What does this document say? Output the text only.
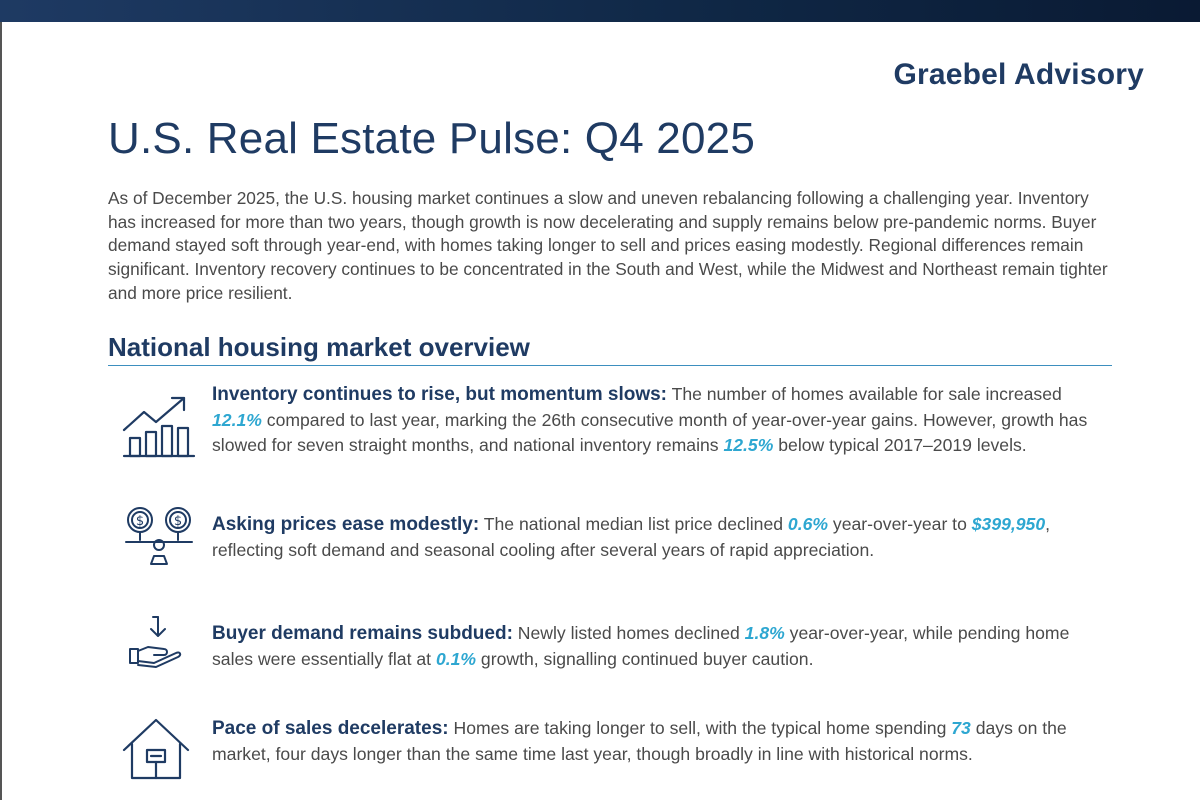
Graebel Advisory
U.S. Real Estate Pulse: Q4 2025

As of December 2025, the U.S. housing market continues a slow and uneven rebalancing following a challenging year. Inventory has increased for more than two years, though growth is now decelerating and supply remains below pre-pandemic norms. Buyer demand stayed soft through year-end, with homes taking longer to sell and prices easing modestly. Regional differences remain significant. Inventory recovery continues to be concentrated in the South and West, while the Midwest and Northeast remain tighter and more price resilient.

National housing market overview

Inventory continues to rise, but momentum slows: The number of homes available for sale increased 12.1% compared to last year, marking the 26th consecutive month of year-over-year gains. However, growth has slowed for seven straight months, and national inventory remains 12.5% below typical 2017–2019 levels.

$ $ Asking prices ease modestly: The national median list price declined 0.6% year-over-year to $399,950, reflecting soft demand and seasonal cooling after several years of rapid appreciation.

Buyer demand remains subdued: Newly listed homes declined 1.8% year-over-year, while pending home sales were essentially flat at 0.1% growth, signalling continued buyer caution.

Pace of sales decelerates: Homes are taking longer to sell, with the typical home spending 73 days on the market, four days longer than the same time last year, though broadly in line with historical norms.
